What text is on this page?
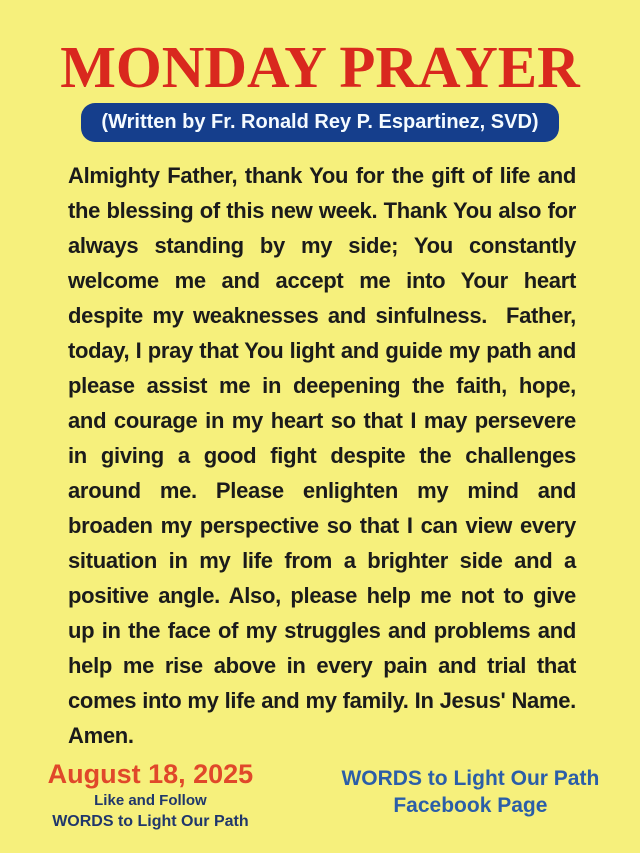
MONDAY PRAYER
(Written by Fr. Ronald Rey P. Espartinez, SVD)

Almighty Father, thank You for the gift of life and the blessing of this new week. Thank You also for always standing by my side; You constantly welcome me and accept me into Your heart despite my weaknesses and sinfulness.  Father, today, I pray that You light and guide my path and please assist me in deepening the faith, hope, and courage in my heart so that I may persevere in giving a good fight despite the challenges around me. Please enlighten my mind and broaden my perspective so that I can view every situation in my life from a brighter side and a positive angle. Also, please help me not to give up in the face of my struggles and problems and help me rise above in every pain and trial that comes into my life and my family. In Jesus' Name. Amen.

August 18, 2025
Like and Follow
WORDS to Light Our Path
WORDS to Light Our Path
Facebook Page
